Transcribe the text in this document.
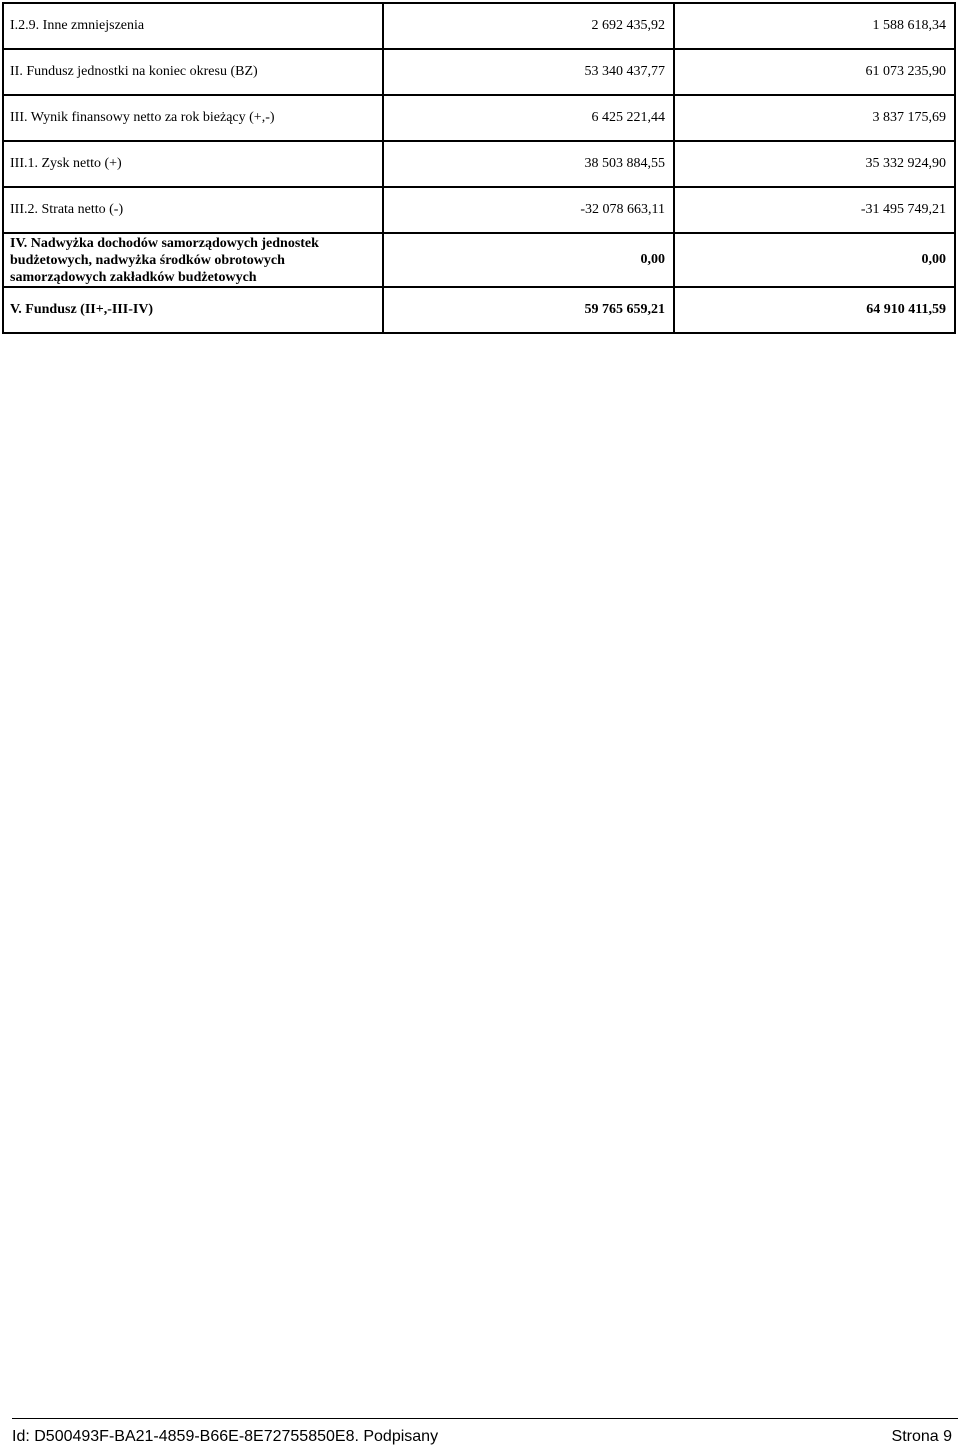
I.2.9. Inne zmniejszenia	2 692 435,92	1 588 618,34
II. Fundusz jednostki na koniec okresu (BZ)	53 340 437,77	61 073 235,90
III. Wynik finansowy netto za rok bieżący (+,-)	6 425 221,44	3 837 175,69
III.1. Zysk netto (+)	38 503 884,55	35 332 924,90
III.2. Strata netto (-)	-32 078 663,11	-31 495 749,21
IV. Nadwyżka dochodów samorządowych jednostek budżetowych, nadwyżka środków obrotowych samorządowych zakładków budżetowych	0,00	0,00
V. Fundusz (II+,-III-IV)	59 765 659,21	64 910 411,59
Id: D500493F-BA21-4859-B66E-8E72755850E8. Podpisany	Strona 9
